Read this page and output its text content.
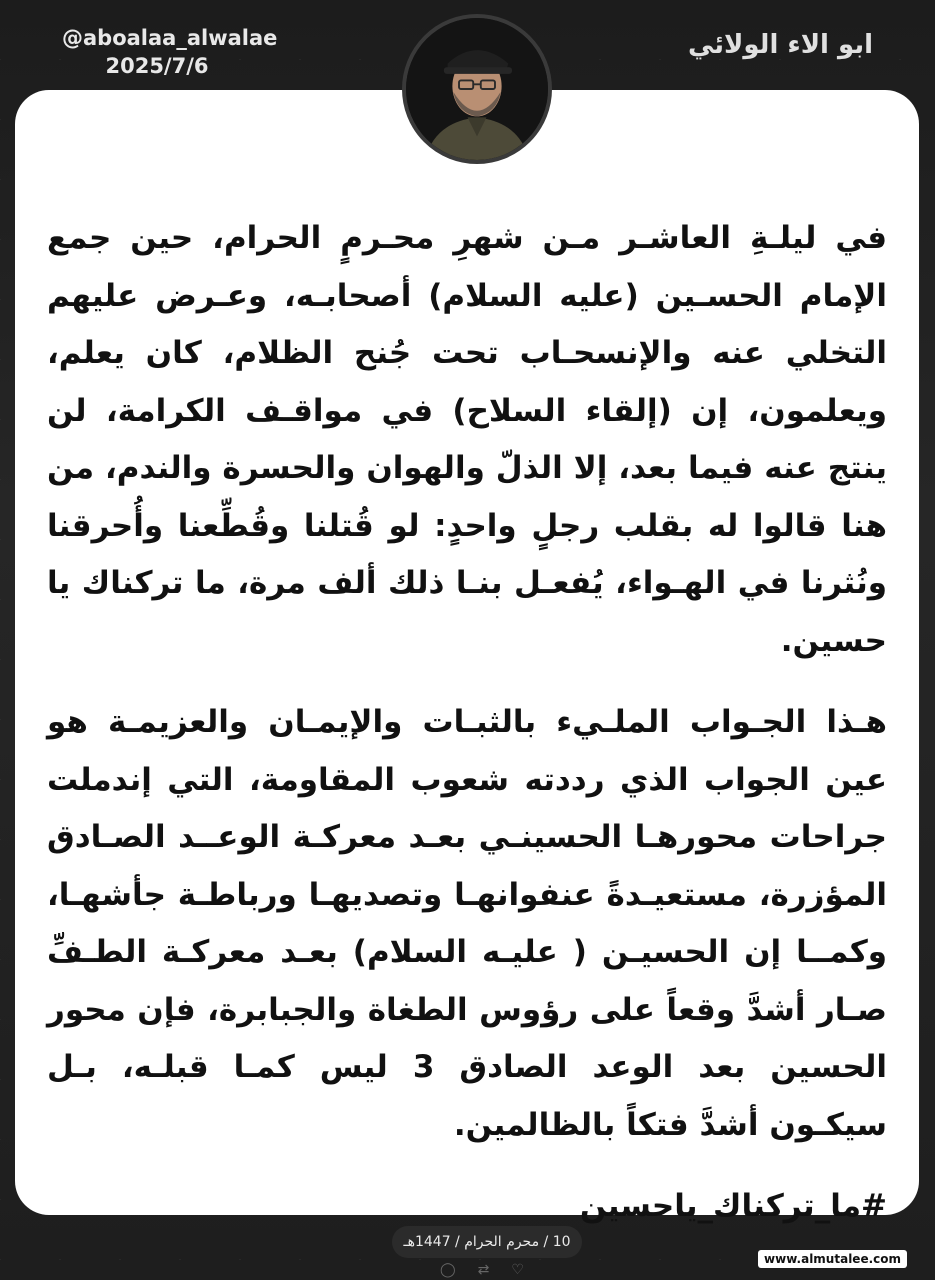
@aboalaa_alwalae
2025/7/6
ابو الاء الولائي

في ليلـةِ العاشـر مـن شهرِ محـرمٍ الحرام، حين جمع الإمام الحسـين (عليه السلام) أصحابـه، وعـرض عليهم التخلي عنه والإنسحـاب تحت جُنح الظلام، كان يعلم، ويعلمون، إن (إلقاء السلاح) في مواقـف الكرامة، لن ينتج عنه فيما بعد، إلا الذلّ والهوان والحسرة والندم، من هنا قالوا له بقلب رجلٍ واحدٍ: لو قُتلنا وقُطِّعنا وأُحرقنا ونُثرنا في الهـواء، يُفعـل بنـا ذلك ألف مرة، ما تركناك يا حسين.

هـذا الجـواب الملـيء بالثبـات والإيمـان والعزيمـة هو عين الجواب الذي رددته شعوب المقاومة، التي إندملت جراحات محورهـا الحسينـي بعـد معركـة الوعــد الصـادق المؤزرة، مستعيـدةً عنفوانهـا وتصديهـا ورباطـة جأشهـا، وكمــا إن الحسيـن ( عليـه السلام) بعـد معركـة الطـفِّ صـار أشدَّ وقعاً على رؤوس الطغاة والجبابرة، فإن محور الحسين بعد الوعد الصادق 3 ليس كمـا قبلـه، بـل سيكـون أشدَّ فتكاً بالظالمين.

#ما_تركناك_ياحسين

10 / محرم الحرام / 1447هـ
◯ ⇄ ♡
www.almutalee.com
